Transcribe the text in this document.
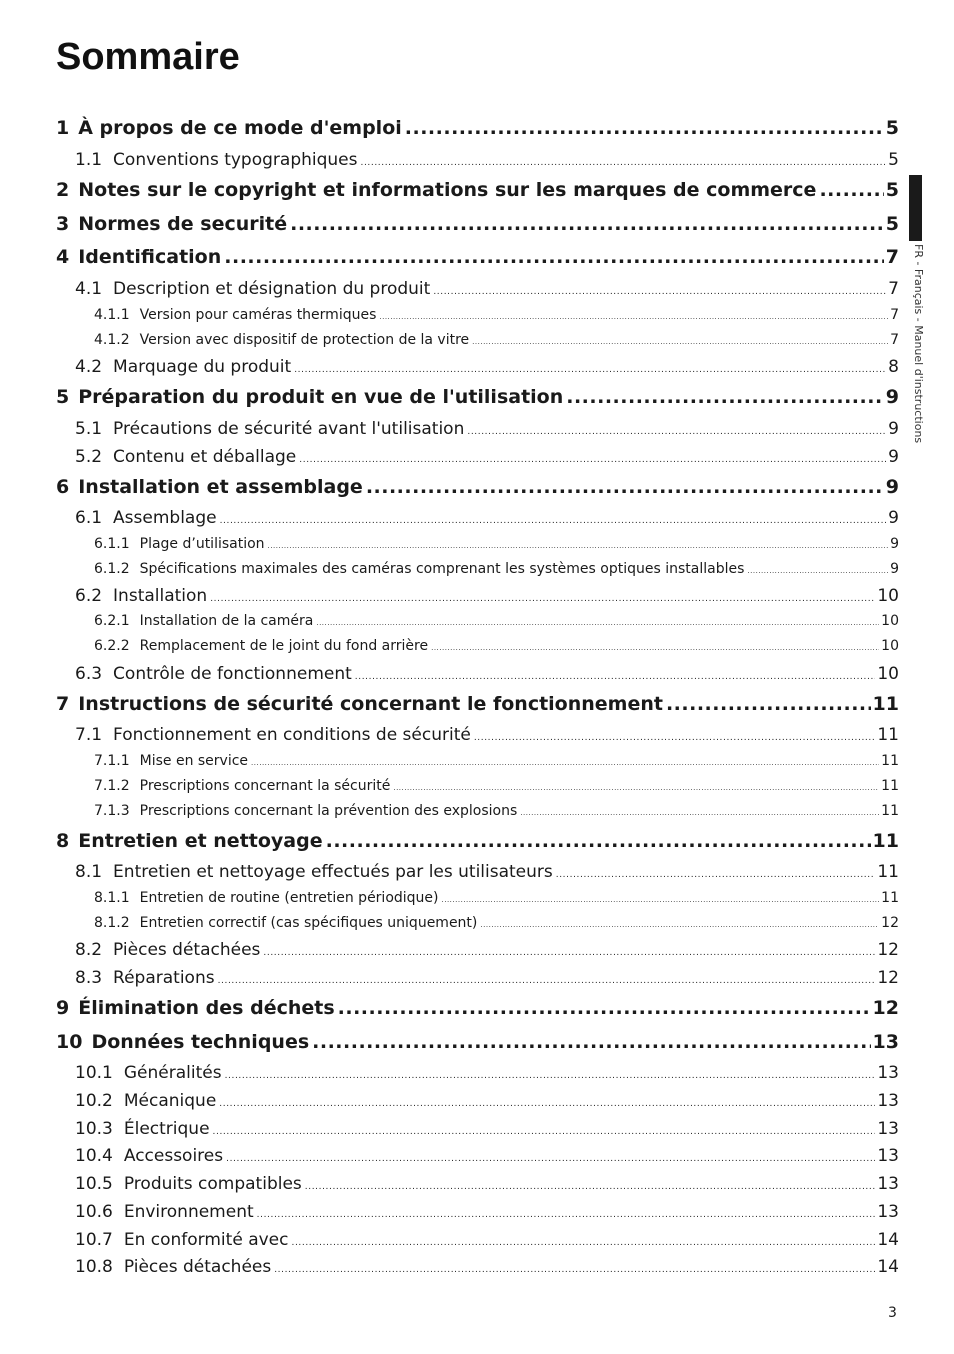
Sommaire
1 À propos de ce mode d'emploi .....	5
1.1 Conventions typographiques .....	5
2 Notes sur le copyright et informations sur les marques de commerce .....	5
3 Normes de securité .....	5
4 Identification .....	7
4.1 Description et désignation du produit .....	7
4.1.1 Version pour caméras thermiques .....	7
4.1.2 Version avec dispositif de protection de la vitre .....	7
4.2 Marquage du produit .....	8
5 Préparation du produit en vue de l'utilisation .....	9
5.1 Précautions de sécurité avant l'utilisation .....	9
5.2 Contenu et déballage .....	9
6 Installation et assemblage .....	9
6.1 Assemblage .....	9
6.1.1 Plage d’utilisation .....	9
6.1.2 Spécifications maximales des caméras comprenant les systèmes optiques installables .....	9
6.2 Installation .....	10
6.2.1 Installation de la caméra .....	10
6.2.2 Remplacement de le joint du fond arrière .....	10
6.3 Contrôle de fonctionnement .....	10
7 Instructions de sécurité concernant le fonctionnement .....	11
7.1 Fonctionnement en conditions de sécurité .....	11
7.1.1 Mise en service .....	11
7.1.2 Prescriptions concernant la sécurité .....	11
7.1.3 Prescriptions concernant la prévention des explosions .....	11
8 Entretien et nettoyage .....	11
8.1 Entretien et nettoyage effectués par les utilisateurs .....	11
8.1.1 Entretien de routine (entretien périodique) .....	11
8.1.2 Entretien correctif (cas spécifiques uniquement) .....	12
8.2 Pièces détachées .....	12
8.3 Réparations .....	12
9 Élimination des déchets .....	12
10 Données techniques .....	13
10.1 Généralités .....	13
10.2 Mécanique .....	13
10.3 Électrique .....	13
10.4 Accessoires .....	13
10.5 Produits compatibles .....	13
10.6 Environnement .....	13
10.7 En conformité avec .....	14
10.8 Pièces détachées .....	14
FR - Français - Manuel d'instructions
3
